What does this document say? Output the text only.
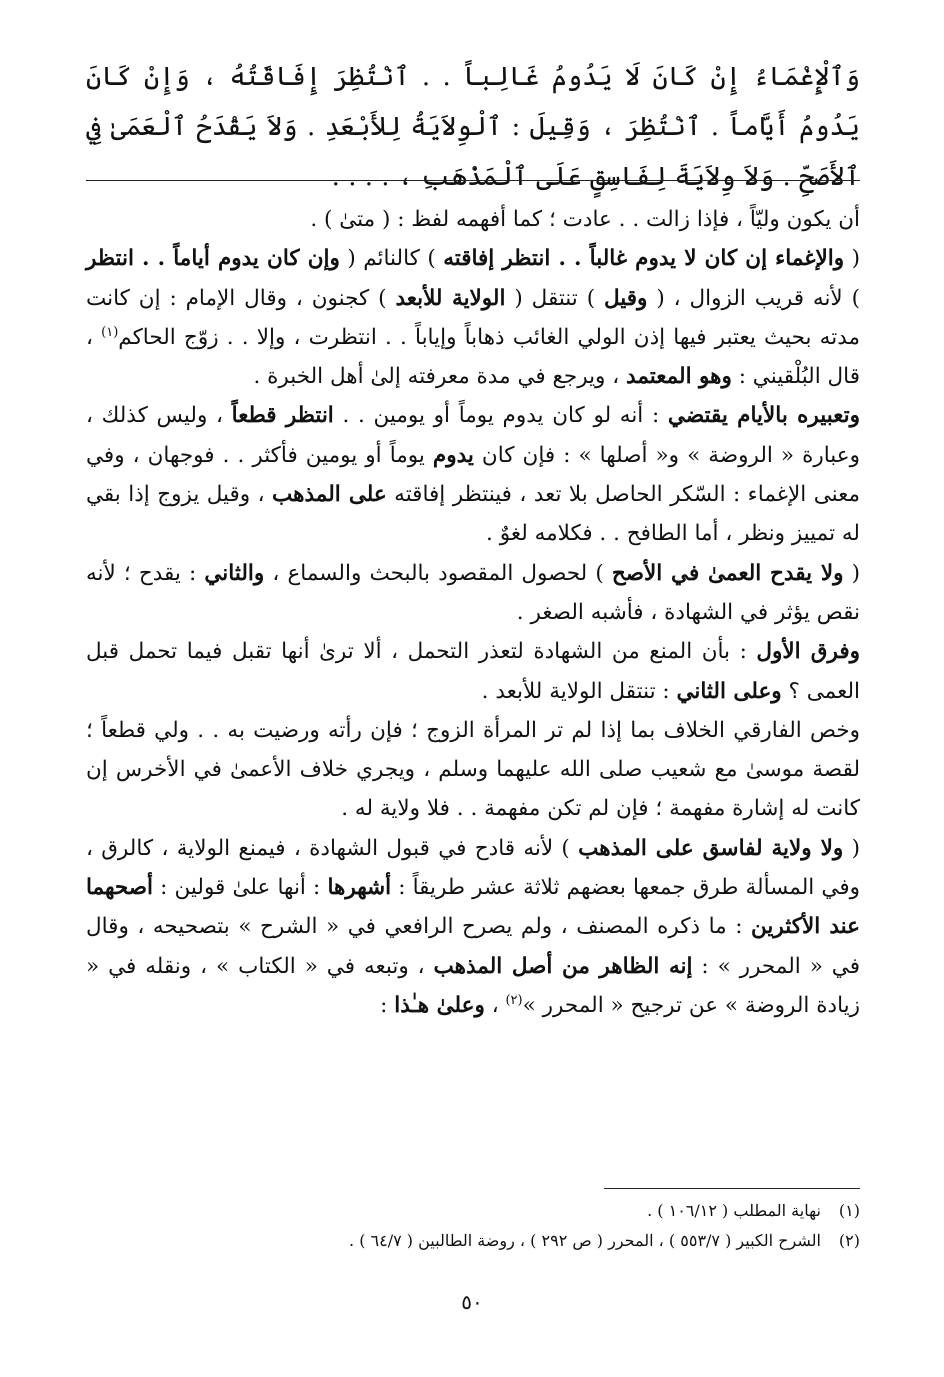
وَٱلْإِغْمَاءُ إِنْ كَانَ لَا يَدُومُ غَالِباً . . ٱنْتُظِرَ إِفَاقَتُهُ ، وَإِنْ كَانَ يَدُومُ أَيَّاماً . ٱنْتُظِرَ ، وَقِيلَ : ٱلْوِلاَيَةُ لِلأَبْعَدِ . وَلاَ يَقْدَحُ ٱلْعَمَىٰ فِي ٱلأَصَحِّ . وَلاَ وِلاَيَةَ لِفَاسِقٍ عَلَى ٱلْمَذْهَبِ ، . . . .

أن يكون وليّاً ، فإذا زالت . . عادت ؛ كما أفهمه لفظ : ( متىٰ ) .

( والإغماء إن كان لا يدوم غالباً . . انتظر إفاقته ) كالنائم ( وإن كان يدوم أياماً . . انتظر ) لأنه قريب الزوال ، ( وقيل ) تنتقل ( الولاية للأبعد ) كجنون ، وقال الإمام : إن كانت مدته بحيث يعتبر فيها إذن الولي الغائب ذهاباً وإياباً . . انتظرت ، وإلا . . زوّج الحاكم$^{(١)}$ ، قال البُلْقيني : وهو المعتمد ، ويرجع في مدة معرفته إلىٰ أهل الخبرة .

وتعبيره بالأيام يقتضي : أنه لو كان يدوم يوماً أو يومين . . انتظر قطعاً ، وليس كذلك ، وعبارة « الروضة » و« أصلها » : فإن كان يدوم يوماً أو يومين فأكثر . . فوجهان ، وفي معنى الإغماء : السّكر الحاصل بلا تعد ، فينتظر إفاقته على المذهب ، وقيل يزوج إذا بقي له تمييز ونظر ، أما الطافح . . فكلامه لغوٌ .

( ولا يقدح العمىٰ في الأصح ) لحصول المقصود بالبحث والسماع ، والثاني : يقدح ؛ لأنه نقص يؤثر في الشهادة ، فأشبه الصغر .

وفرق الأول : بأن المنع من الشهادة لتعذر التحمل ، ألا ترىٰ أنها تقبل فيما تحمل قبل العمى ؟ وعلى الثاني : تنتقل الولاية للأبعد .

وخص الفارقي الخلاف بما إذا لم تر المرأة الزوج ؛ فإن رأته ورضيت به . . ولي قطعاً ؛ لقصة موسىٰ مع شعيب صلى الله عليهما وسلم ، ويجري خلاف الأعمىٰ في الأخرس إن كانت له إشارة مفهمة ؛ فإن لم تكن مفهمة . . فلا ولاية له .

( ولا ولاية لفاسق على المذهب ) لأنه قادح في قبول الشهادة ، فيمنع الولاية ، كالرق ، وفي المسألة طرق جمعها بعضهم ثلاثة عشر طريقاً : أشهرها : أنها علىٰ قولين : أصحهما عند الأكثرين : ما ذكره المصنف ، ولم يصرح الرافعي في « الشرح » بتصحيحه ، وقال في « المحرر » : إنه الظاهر من أصل المذهب ، وتبعه في « الكتاب » ، ونقله في « زيادة الروضة » عن ترجيح « المحرر »$^{(٢)}$ ، وعلىٰ هـٰذا :

(١) نهاية المطلب ( ١٠٦/١٢ ) .

(٢) الشرح الكبير ( ٥٥٣/٧ ) ، المحرر ( ص ٢٩٢ ) ، روضة الطالبين ( ٦٤/٧ ) .

٥٠
